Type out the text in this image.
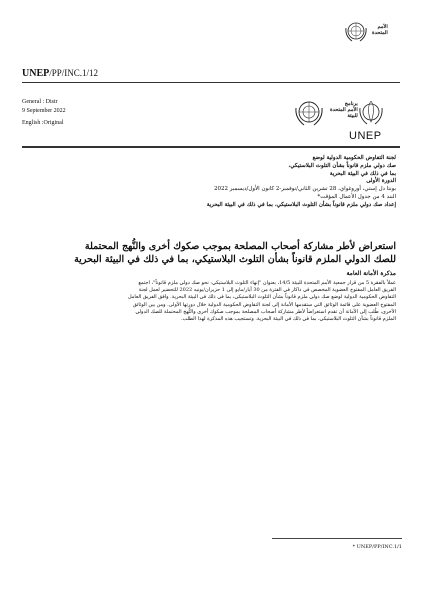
الأمم
المتحدة
UNEP/PP/INC.1/12
General : Distr
9 September 2022
English :Original
برنامج
الأمم المتحدة
للبيئة
UNEP
لجنة التفاوض الحكومية الدولية لوضع
صك دولي ملزم قانوناً بشأن التلوث البلاستيكي،
بما في ذلك في البيئة البحرية
الدورة الأولى
بونتا دل إستي، أوروغواي، 28 تشرين الثاني/نوفمبر-2 كانون الأول/ديسمبر 2022
البند 4 من جدول الأعمال المؤقت*
إعداد صك دولي ملزم قانوناً بشأن التلوث البلاستيكي، بما في ذلك في البيئة البحرية
استعراض لأطر مشاركة أصحاب المصلحة بموجب صكوك أخرى والنُّهج المحتملة
للصك الدولي الملزم قانوناً بشأن التلوث البلاستيكي، بما في ذلك في البيئة البحرية
مذكرة الأمانة العامة
عملاً بالفقرة 5 من قرار جمعية الأمم المتحدة للبيئة 14/5، بعنوان "إنهاء التلوث البلاستيكي: نحو صك دولي ملزم قانوناً"، اجتمع
الفريق العامل المفتوح العضوية المخصص في داكار في الفترة من 30 أيار/مايو إلى 1 حزيران/يونيه 2022 للتحضير لعمل لجنة
التفاوض الحكومية الدولية لوضع صك دولي ملزم قانوناً بشأن التلوث البلاستيكي، بما في ذلك في البيئة البحرية. وافق الفريق العامل
المفتوح العضوية على قائمة الوثائق التي ستقدمها الأمانة إلى لجنة التفاوض الحكومية الدولية خلال دورتها الأولى. ومن بين الوثائق
الأخرى، طُلب إلى الأمانة أن تقدم استعراضاً لأطر مشاركة أصحاب المصلحة بموجب صكوك أخرى والنُّهج المحتملة للصك الدولي
الملزم قانوناً بشأن التلوث البلاستيكي، بما في ذلك في البيئة البحرية. وتستجيب هذه المذكرة لهذا الطلب.
UNEP/PP/INC.1/1 *
